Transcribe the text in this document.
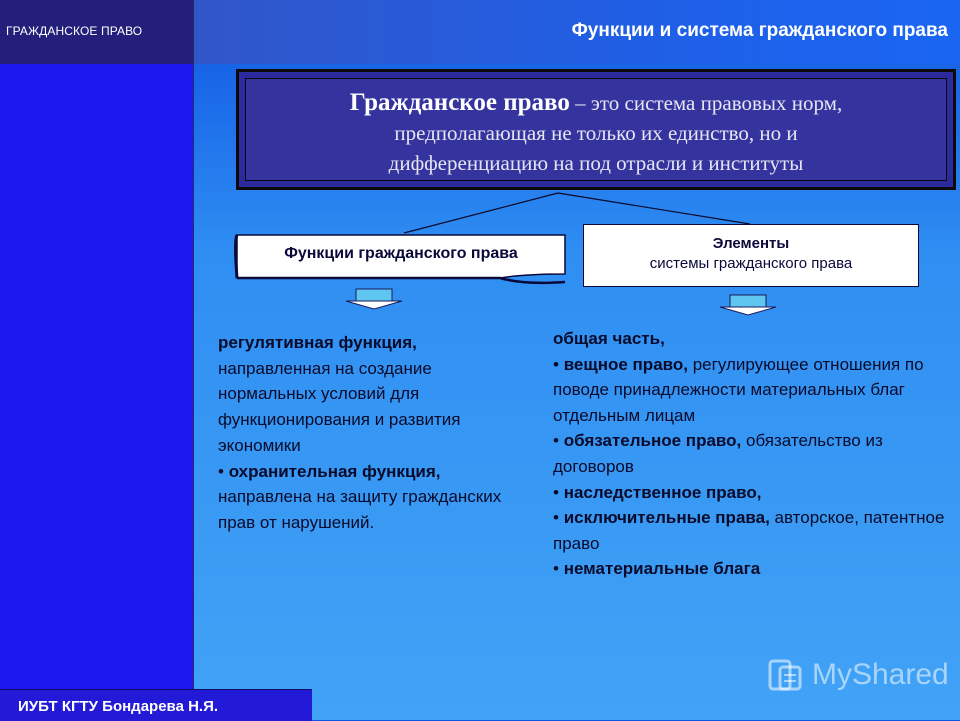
ГРАЖДАНСКОЕ ПРАВО	Функции и система гражданского права
Гражданское право – это система правовых норм,
предполагающая не только их единство, но и
дифференциацию на под отрасли и институты
Функции гражданского права
Элементы
системы гражданского права
регулятивная функция, направленная на создание нормальных условий для функционирования и развития экономики
• охранительная функция, направлена на защиту гражданских прав от нарушений.
общая часть,
• вещное право, регулирующее отношения по поводе принадлежности материальных благ отдельным лицам
• обязательное право, обязательство из договоров
• наследственное право,
• исключительные права, авторское, патентное право
• нематериальные блага
MyShared
ИУБТ КГТУ Бондарева Н.Я.
